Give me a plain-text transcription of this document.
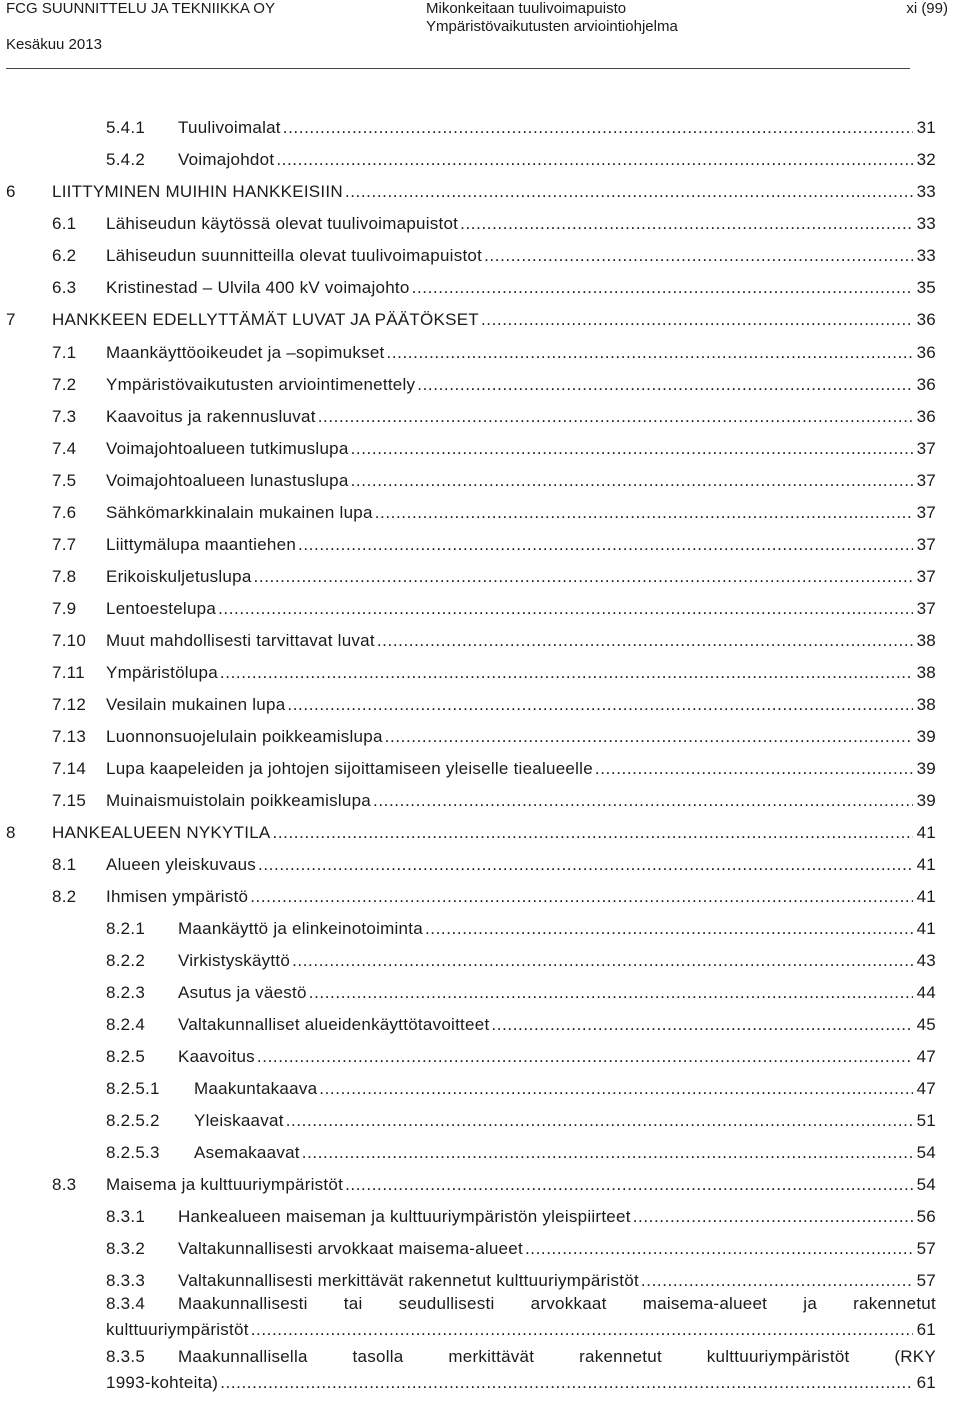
FCG SUUNNITTELU JA TEKNIIKKA OY
Kesäkuu 2013
Mikonkeitaan tuulivoimapuisto
Ympäristövaikutusten arviointiohjelma
xi (99)
5.4.1	Tuulivoimalat .....	31
5.4.2	Voimajohdot .....	32
6	LIITTYMINEN MUIHIN HANKKEISIIN .....	33
6.1	Lähiseudun käytössä olevat tuulivoimapuistot .....	33
6.2	Lähiseudun suunnitteilla olevat tuulivoimapuistot .....	33
6.3	Kristinestad – Ulvila 400 kV voimajohto .....	35
7	HANKKEEN EDELLYTTÄMÄT LUVAT JA PÄÄTÖKSET .....	36
7.1	Maankäyttöoikeudet ja –sopimukset .....	36
7.2	Ympäristövaikutusten arviointimenettely .....	36
7.3	Kaavoitus ja rakennusluvat .....	36
7.4	Voimajohtoalueen tutkimuslupa .....	37
7.5	Voimajohtoalueen lunastuslupa .....	37
7.6	Sähkömarkkinalain mukainen lupa .....	37
7.7	Liittymälupa maantiehen .....	37
7.8	Erikoiskuljetuslupa .....	37
7.9	Lentoestelupa .....	37
7.10	Muut mahdollisesti tarvittavat luvat .....	38
7.11	Ympäristölupa .....	38
7.12	Vesilain mukainen lupa .....	38
7.13	Luonnonsuojelulain poikkeamislupa .....	39
7.14	Lupa kaapeleiden ja johtojen sijoittamiseen yleiselle tiealueelle .....	39
7.15	Muinaismuistolain poikkeamislupa .....	39
8	HANKEALUEEN NYKYTILA .....	41
8.1	Alueen yleiskuvaus .....	41
8.2	Ihmisen ympäristö .....	41
8.2.1	Maankäyttö ja elinkeinotoiminta .....	41
8.2.2	Virkistyskäyttö .....	43
8.2.3	Asutus ja väestö .....	44
8.2.4	Valtakunnalliset alueidenkäyttötavoitteet .....	45
8.2.5	Kaavoitus .....	47
8.2.5.1	Maakuntakaava .....	47
8.2.5.2	Yleiskaavat .....	51
8.2.5.3	Asemakaavat .....	54
8.3	Maisema ja kulttuuriympäristöt .....	54
8.3.1	Hankealueen maiseman ja kulttuuriympäristön yleispiirteet .....	56
8.3.2	Valtakunnallisesti arvokkaat maisema-alueet .....	57
8.3.3	Valtakunnallisesti merkittävät rakennetut kulttuuriympäristöt .....	57
8.3.4 Maakunnallisesti tai seudullisesti arvokkaat maisema-alueet ja rakennetut
kulttuuriympäristöt .....	61
8.3.5 Maakunnallisella tasolla merkittävät rakennetut kulttuuriympäristöt (RKY
1993-kohteita) .....	61
